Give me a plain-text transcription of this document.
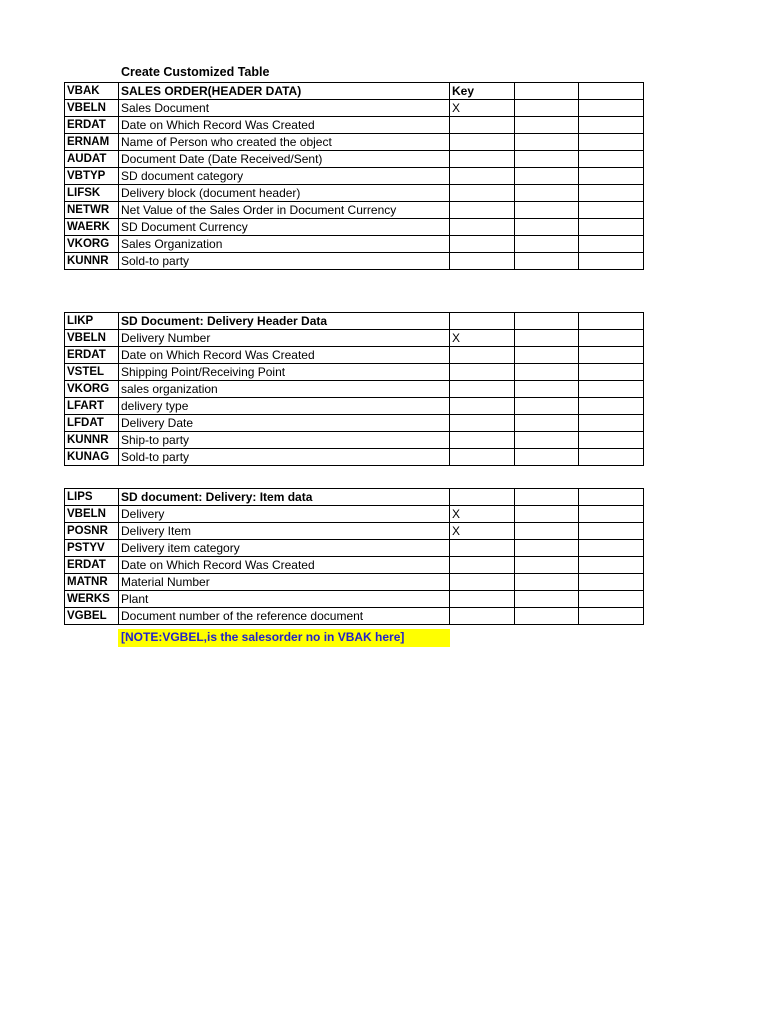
Create Customized Table
VBAK	SALES ORDER(HEADER DATA)	Key		
VBELN	Sales Document	X		
ERDAT	Date on Which Record Was Created			
ERNAM	Name of Person who created the object			
AUDAT	Document Date (Date Received/Sent)			
VBTYP	SD document category			
LIFSK	Delivery block (document header)			
NETWR	Net Value of the Sales Order in Document Currency			
WAERK	SD Document Currency			
VKORG	Sales Organization			
KUNNR	Sold-to party			
LIKP	SD Document: Delivery Header Data			
VBELN	Delivery Number	X		
ERDAT	Date on Which Record Was Created			
VSTEL	Shipping Point/Receiving Point			
VKORG	sales organization			
LFART	delivery type			
LFDAT	Delivery Date			
KUNNR	Ship-to party			
KUNAG	Sold-to party			
LIPS	SD document: Delivery: Item data			
VBELN	Delivery	X		
POSNR	Delivery Item	X		
PSTYV	Delivery item category			
ERDAT	Date on Which Record Was Created			
MATNR	Material Number			
WERKS	Plant			
VGBEL	Document number of the reference document			
[NOTE:VGBEL,is the salesorder no in VBAK here]
